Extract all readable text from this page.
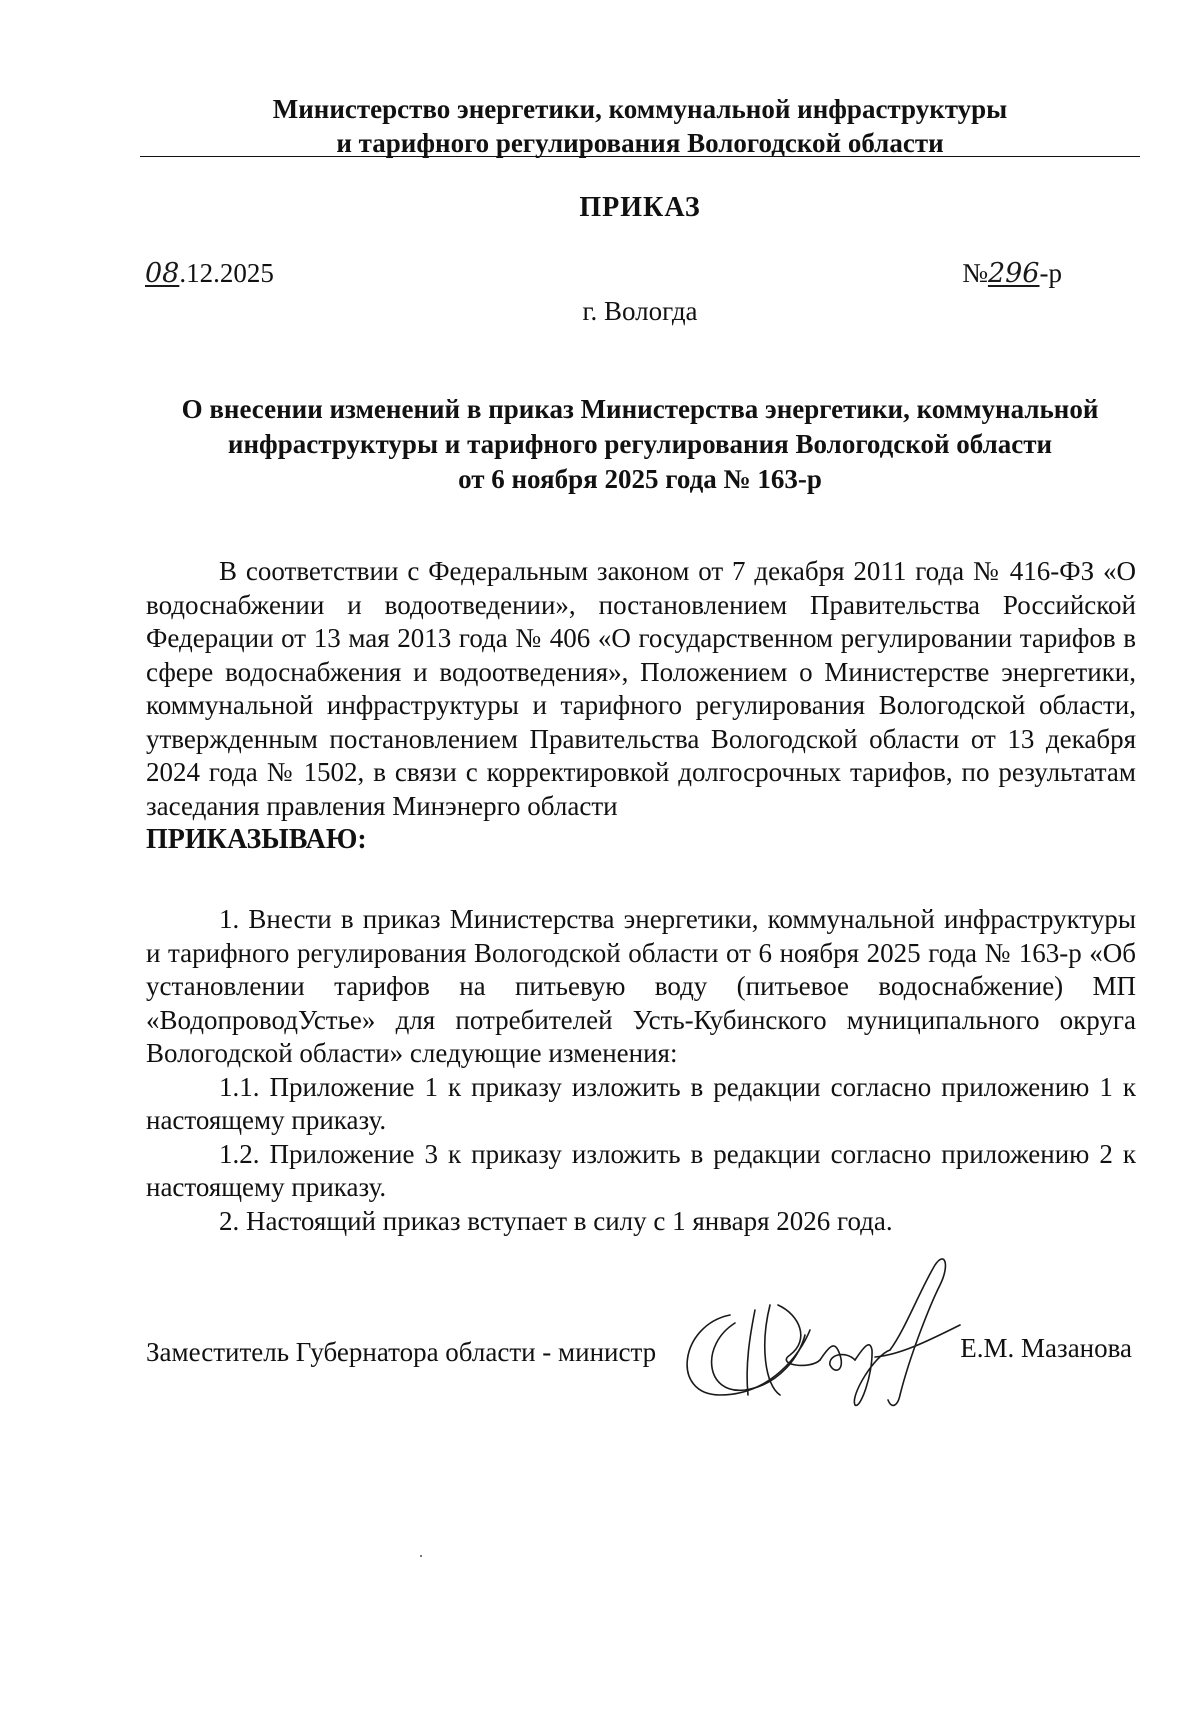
Министерство энергетики, коммунальной инфраструктуры
и тарифного регулирования Вологодской области
ПРИКАЗ
08.12.2025	№296-р
г. Вологда
О внесении изменений в приказ Министерства энергетики, коммунальной
инфраструктуры и тарифного регулирования Вологодской области
от 6 ноября 2025 года № 163-р

В соответствии с Федеральным законом от 7 декабря 2011 года № 416-ФЗ «О водоснабжении и водоотведении», постановлением Правительства Российской Федерации от 13 мая 2013 года № 406 «О государственном регулировании тарифов в сфере водоснабжения и водоотведения», Положением о Министерстве энергетики, коммунальной инфраструктуры и тарифного регулирования Вологодской области, утвержденным постановлением Правительства Вологодской области от 13 декабря 2024 года № 1502, в связи с корректировкой долгосрочных тарифов, по результатам заседания правления Минэнерго области

ПРИКАЗЫВАЮ:

1. Внести в приказ Министерства энергетики, коммунальной инфраструктуры и тарифного регулирования Вологодской области от 6 ноября 2025 года № 163-р «Об установлении тарифов на питьевую воду (питьевое водоснабжение) МП «ВодопроводУстье» для потребителей Усть-Кубинского муниципального округа Вологодской области» следующие изменения:

1.1. Приложение 1 к приказу изложить в редакции согласно приложению 1 к настоящему приказу.

1.2. Приложение 3 к приказу изложить в редакции согласно приложению 2 к настоящему приказу.

2. Настоящий приказ вступает в силу с 1 января 2026 года.

Заместитель Губернатора области - министр	Е.М. Мазанова
